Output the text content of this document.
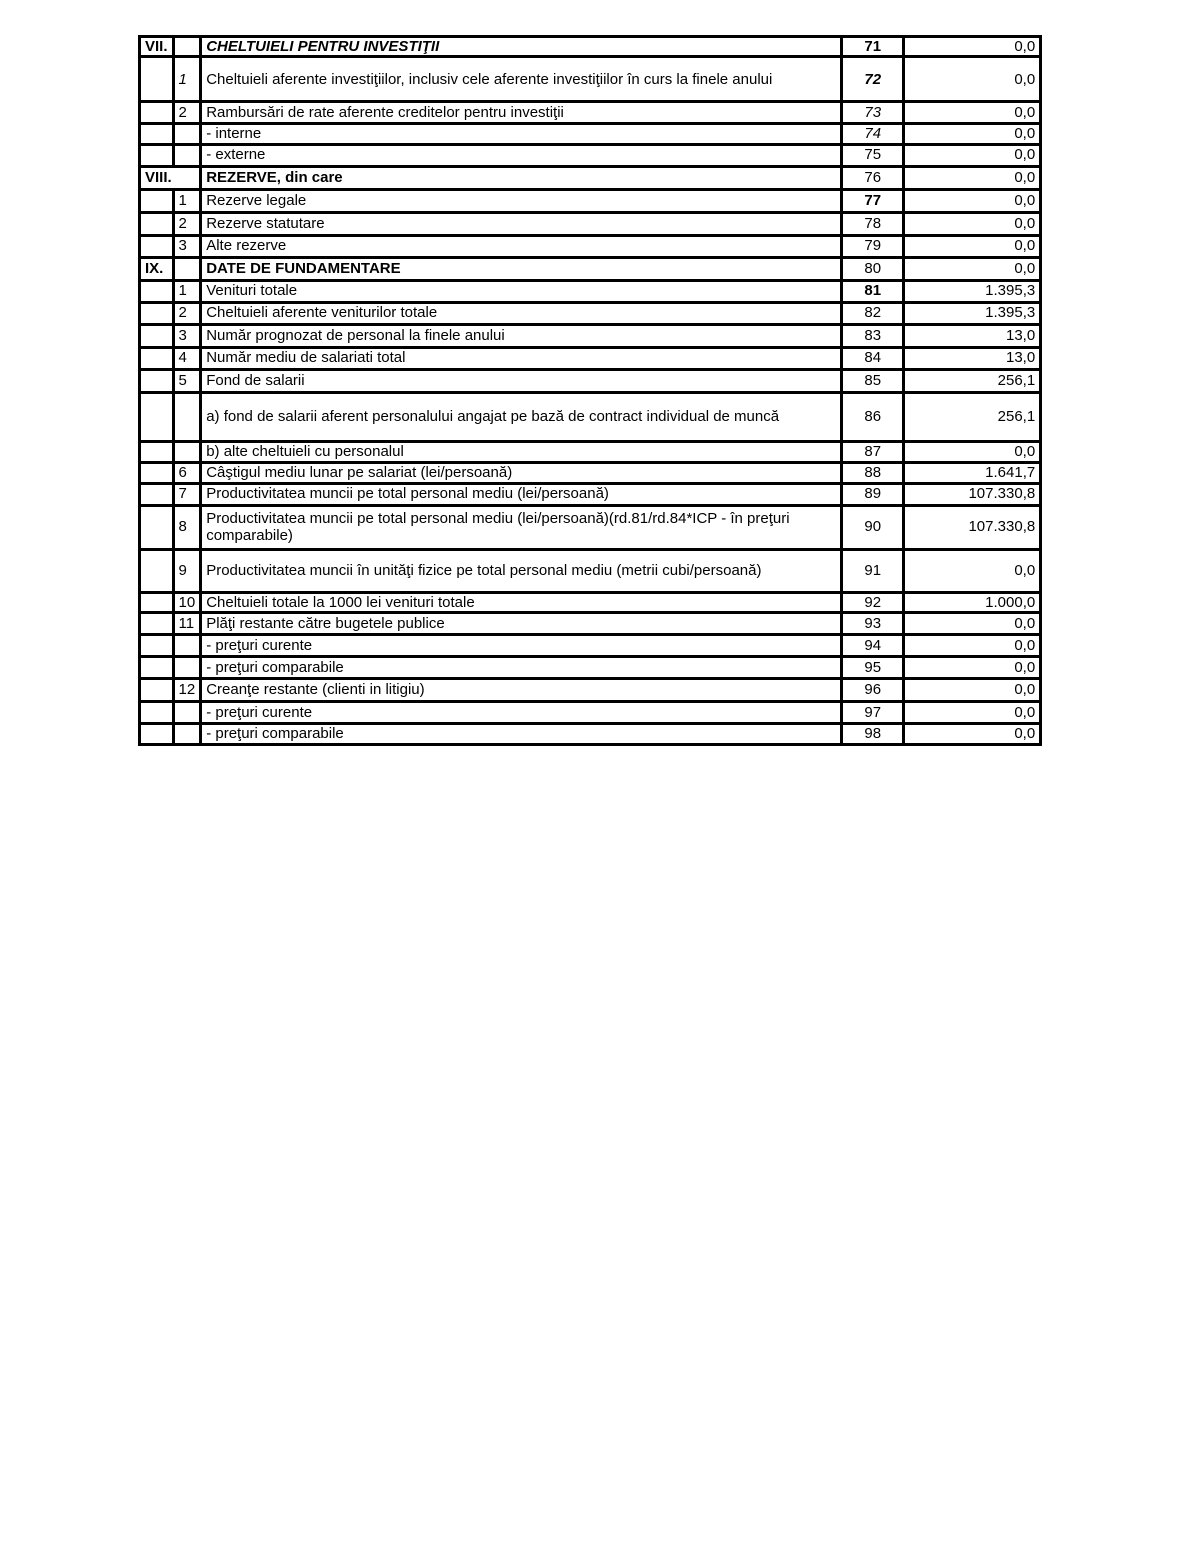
VII.		CHELTUIELI PENTRU INVESTIŢII	71	0,0
	1	Cheltuieli aferente investiţiilor, inclusiv cele aferente investiţiilor în curs la finele anului	72	0,0
	2	Rambursări de rate aferente creditelor pentru investiţii	73	0,0
		- interne	74	0,0
		- externe	75	0,0
VIII.		REZERVE, din care	76	0,0
	1	Rezerve legale	77	0,0
	2	Rezerve statutare	78	0,0
	3	Alte rezerve	79	0,0
IX.		DATE DE FUNDAMENTARE	80	0,0
	1	Venituri totale	81	1.395,3
	2	Cheltuieli aferente veniturilor totale	82	1.395,3
	3	Număr prognozat de personal la finele anului	83	13,0
	4	Număr mediu de salariati total	84	13,0
	5	Fond de salarii	85	256,1
		a) fond de salarii aferent personalului angajat pe bază de contract individual de muncă	86	256,1
		b) alte cheltuieli cu personalul	87	0,0
	6	Câştigul mediu lunar pe salariat (lei/persoană)	88	1.641,7
	7	Productivitatea muncii pe total personal mediu (lei/persoană)	89	107.330,8
	8	Productivitatea muncii pe total personal mediu (lei/persoană)(rd.81/rd.84*ICP - în preţuri comparabile)	90	107.330,8
	9	Productivitatea muncii în unităţi fizice pe total personal mediu (metrii cubi/persoană)	91	0,0
	10	Cheltuieli totale la 1000 lei venituri totale	92	1.000,0
	11	Plăţi restante către bugetele publice	93	0,0
		- preţuri curente	94	0,0
		- preţuri comparabile	95	0,0
	12	Creanţe restante (clienti in litigiu)	96	0,0
		- preţuri curente	97	0,0
		- preţuri comparabile	98	0,0
